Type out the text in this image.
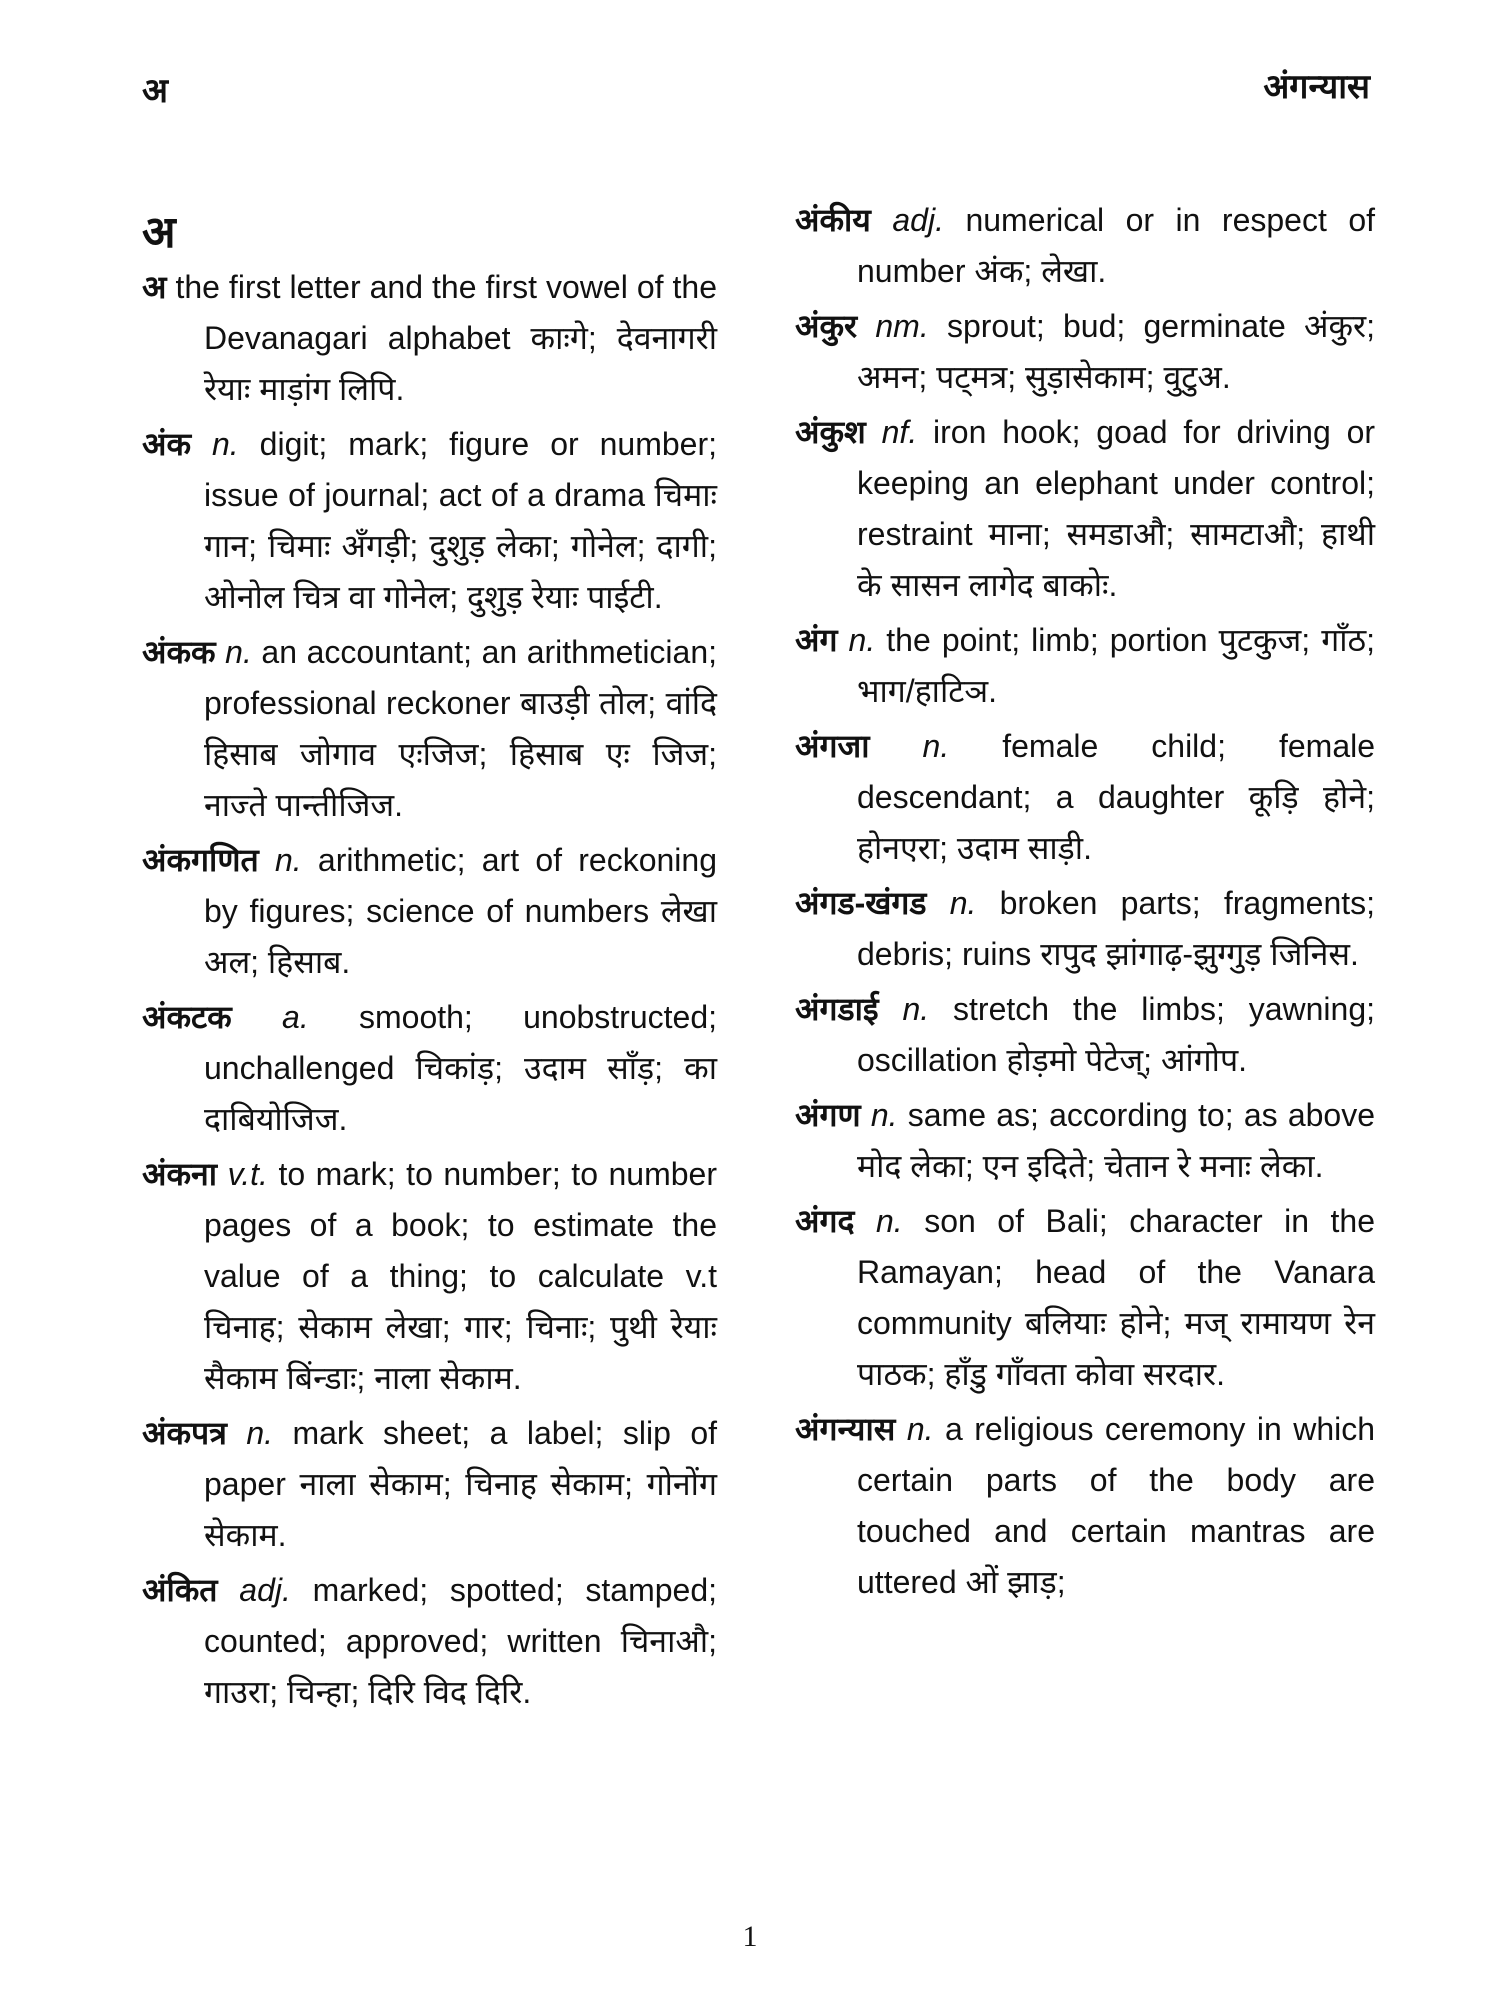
अ	अंगन्यास
अ
अ the first letter and the first vowel of the Devanagari alphabet काःगे; देवनागरी रेयाः माड़ांग लिपि.
अंक n. digit; mark; figure or number; issue of journal; act of a drama चिमाः गान; चिमाः अँगड़ी; दुशुड़ लेका; गोनेल; दागी; ओनोल चित्र वा गोनेल; दुशुड़ रेयाः पाईटी.
अंकक n. an accountant; an arithmetician; professional reckoner बाउड़ी तोल; वांदि हिसाब जोगाव एःजिज; हिसाब एः जिज; नाज्ते पान्तीजिज.
अंकगणित n. arithmetic; art of reckoning by figures; science of numbers लेखा अल; हिसाब.
अंकटक a. smooth; unobstructed; unchallenged चिकांड़; उदाम सॉंड़; का दाबियोजिज.
अंकना v.t. to mark; to number; to number pages of a book; to estimate the value of a thing; to calculate v.t चिनाह; सेकाम लेखा; गार; चिनाः; पुथी रेयाः सैकाम बिंन्डाः; नाला सेकाम.
अंकपत्र n. mark sheet; a label; slip of paper नाला सेकाम; चिनाह सेकाम; गोनोंग सेकाम.
अंकित adj. marked; spotted; stamped; counted; approved; written चिनाऔ; गाउरा; चिन्हा; दिरि विद दिरि.
अंकीय adj. numerical or in respect of number अंक; लेखा.
अंकुर nm. sprout; bud; germinate अंकुर; अमन; पट्मत्र; सुड़ासेकाम; वुटुअ.
अंकुश nf. iron hook; goad for driving or keeping an elephant under control; restraint माना; समडाऔ; सामटाऔ; हाथी के सासन लागेद बाकोः.
अंग n. the point; limb; portion पुटकुज; गाँठ; भाग/हाटिञ.
अंगजा n. female child; female descendant; a daughter कूड़ि होने; होनएरा; उदाम साड़ी.
अंगड-खंगड n. broken parts; fragments; debris; ruins रापुद झांगाढ़-झुग्गुड़ जिनिस.
अंगडाई n. stretch the limbs; yawning; oscillation होड़मो पेटेज्; आंगोप.
अंगण n. same as; according to; as above मोद लेका; एन इदिते; चेतान रे मनाः लेका.
अंगद n. son of Bali; character in the Ramayan; head of the Vanara community बलियाः होने; मज् रामायण रेन पाठक; हाँडु गाँवता कोवा सरदार.
अंगन्यास n. a religious ceremony in which certain parts of the body are touched and certain mantras are uttered ओं झाड़;
1
